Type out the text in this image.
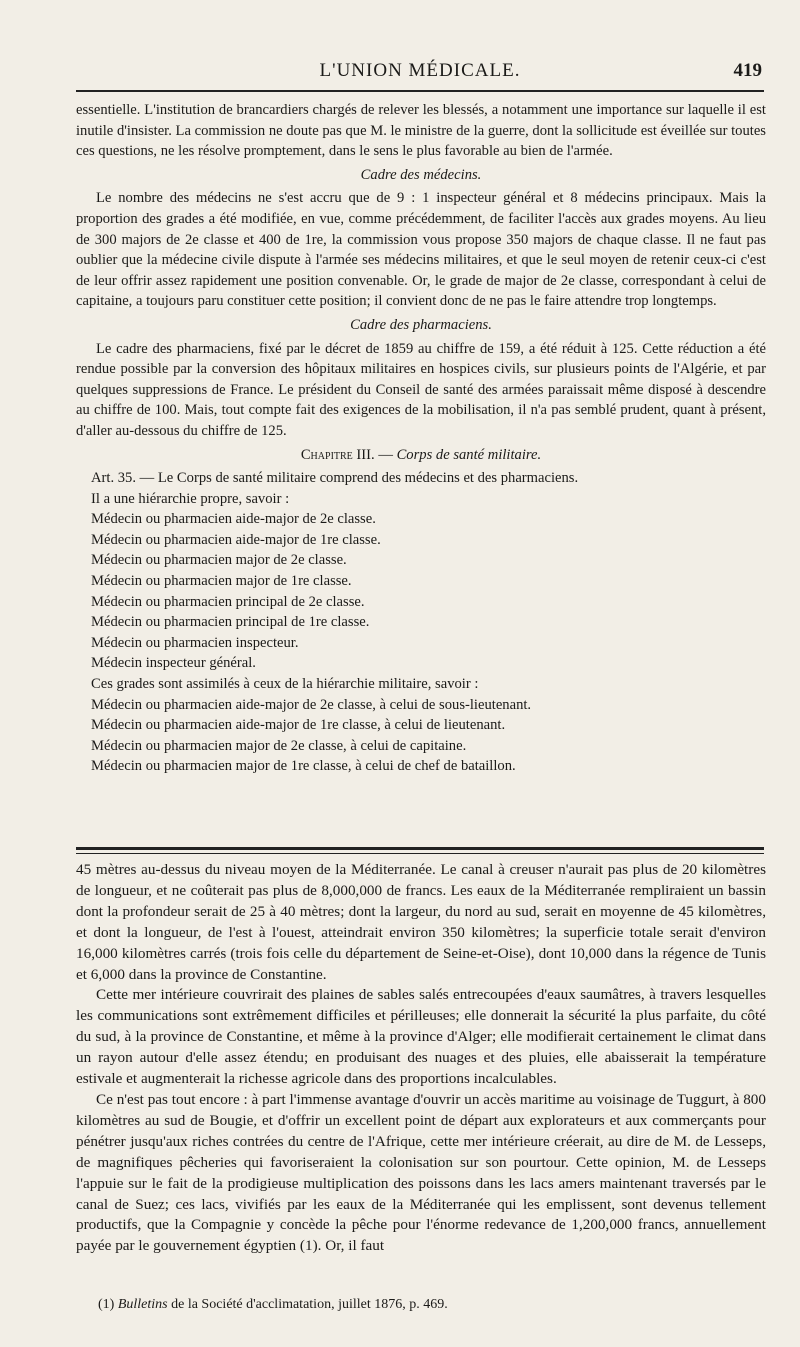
L'UNION MÉDICALE.	419

essentielle. L'institution de brancardiers chargés de relever les blessés, a notamment une importance sur laquelle il est inutile d'insister. La commission ne doute pas que M. le ministre de la guerre, dont la sollicitude est éveillée sur toutes ces questions, ne les résolve promptement, dans le sens le plus favorable au bien de l'armée.

Cadre des médecins.

Le nombre des médecins ne s'est accru que de 9 : 1 inspecteur général et 8 médecins principaux. Mais la proportion des grades a été modifiée, en vue, comme précédemment, de faciliter l'accès aux grades moyens. Au lieu de 300 majors de 2e classe et 400 de 1re, la commission vous propose 350 majors de chaque classe. Il ne faut pas oublier que la médecine civile dispute à l'armée ses médecins militaires, et que le seul moyen de retenir ceux-ci c'est de leur offrir assez rapidement une position convenable. Or, le grade de major de 2e classe, correspondant à celui de capitaine, a toujours paru constituer cette position; il convient donc de ne pas le faire attendre trop longtemps.

Cadre des pharmaciens.

Le cadre des pharmaciens, fixé par le décret de 1859 au chiffre de 159, a été réduit à 125. Cette réduction a été rendue possible par la conversion des hôpitaux militaires en hospices civils, sur plusieurs points de l'Algérie, et par quelques suppressions de France. Le président du Conseil de santé des armées paraissait même disposé à descendre au chiffre de 100. Mais, tout compte fait des exigences de la mobilisation, il n'a pas semblé prudent, quant à présent, d'aller au-dessous du chiffre de 125.

Chapitre III. — Corps de santé militaire.

Art. 35. — Le Corps de santé militaire comprend des médecins et des pharmaciens.

Il a une hiérarchie propre, savoir :

Médecin ou pharmacien aide-major de 2e classe.

Médecin ou pharmacien aide-major de 1re classe.

Médecin ou pharmacien major de 2e classe.

Médecin ou pharmacien major de 1re classe.

Médecin ou pharmacien principal de 2e classe.

Médecin ou pharmacien principal de 1re classe.

Médecin ou pharmacien inspecteur.

Médecin inspecteur général.

Ces grades sont assimilés à ceux de la hiérarchie militaire, savoir :

Médecin ou pharmacien aide-major de 2e classe, à celui de sous-lieutenant.

Médecin ou pharmacien aide-major de 1re classe, à celui de lieutenant.

Médecin ou pharmacien major de 2e classe, à celui de capitaine.

Médecin ou pharmacien major de 1re classe, à celui de chef de bataillon.

45 mètres au-dessus du niveau moyen de la Méditerranée. Le canal à creuser n'aurait pas plus de 20 kilomètres de longueur, et ne coûterait pas plus de 8,000,000 de francs. Les eaux de la Méditerranée rempliraient un bassin dont la profondeur serait de 25 à 40 mètres; dont la largeur, du nord au sud, serait en moyenne de 45 kilomètres, et dont la longueur, de l'est à l'ouest, atteindrait environ 350 kilomètres; la superficie totale serait d'environ 16,000 kilomètres carrés (trois fois celle du département de Seine-et-Oise), dont 10,000 dans la régence de Tunis et 6,000 dans la province de Constantine.

Cette mer intérieure couvrirait des plaines de sables salés entrecoupées d'eaux saumâtres, à travers lesquelles les communications sont extrêmement difficiles et périlleuses; elle donnerait la sécurité la plus parfaite, du côté du sud, à la province de Constantine, et même à la province d'Alger; elle modifierait certainement le climat dans un rayon autour d'elle assez étendu; en produisant des nuages et des pluies, elle abaisserait la température estivale et augmenterait la richesse agricole dans des proportions incalculables.

Ce n'est pas tout encore : à part l'immense avantage d'ouvrir un accès maritime au voisinage de Tuggurt, à 800 kilomètres au sud de Bougie, et d'offrir un excellent point de départ aux explorateurs et aux commerçants pour pénétrer jusqu'aux riches contrées du centre de l'Afrique, cette mer intérieure créerait, au dire de M. de Lesseps, de magnifiques pêcheries qui favoriseraient la colonisation sur son pourtour. Cette opinion, M. de Lesseps l'appuie sur le fait de la prodigieuse multiplication des poissons dans les lacs amers maintenant traversés par le canal de Suez; ces lacs, vivifiés par les eaux de la Méditerranée qui les emplissent, sont devenus tellement productifs, que la Compagnie y concède la pêche pour l'énorme redevance de 1,200,000 francs, annuellement payée par le gouvernement égyptien (1). Or, il faut

(1) Bulletins de la Société d'acclimatation, juillet 1876, p. 469.
